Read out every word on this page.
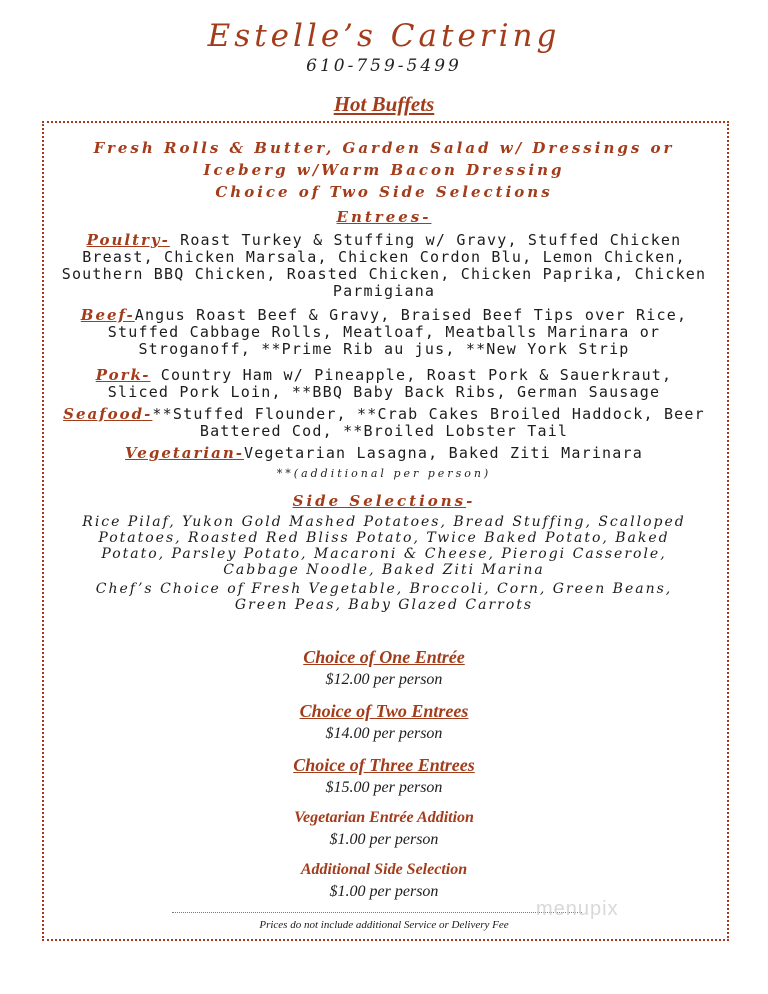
Estelle’s Catering
610-759-5499
Hot Buffets
Fresh Rolls & Butter, Garden Salad w/ Dressings or
Iceberg w/Warm Bacon Dressing
Choice of Two Side Selections
Entrees-
Poultry- Roast Turkey & Stuffing w/ Gravy, Stuffed Chicken Breast, Chicken Marsala, Chicken Cordon Blu, Lemon Chicken, Southern BBQ Chicken, Roasted Chicken, Chicken Paprika, Chicken Parmigiana
Beef-Angus Roast Beef & Gravy, Braised Beef Tips over Rice, Stuffed Cabbage Rolls, Meatloaf, Meatballs Marinara or Stroganoff, **Prime Rib au jus, **New York Strip
Pork- Country Ham w/ Pineapple, Roast Pork & Sauerkraut, Sliced Pork Loin, **BBQ Baby Back Ribs, German Sausage
Seafood-**Stuffed Flounder, **Crab Cakes Broiled Haddock, Beer Battered Cod, **Broiled Lobster Tail
Vegetarian-Vegetarian Lasagna, Baked Ziti Marinara
**(additional per person)
Side Selections-
Rice Pilaf, Yukon Gold Mashed Potatoes, Bread Stuffing, Scalloped Potatoes, Roasted Red Bliss Potato, Twice Baked Potato, Baked Potato, Parsley Potato, Macaroni & Cheese, Pierogi Casserole, Cabbage Noodle, Baked Ziti Marina
Chef’s Choice of Fresh Vegetable, Broccoli, Corn, Green Beans, Green Peas, Baby Glazed Carrots
Choice of One Entrée
$12.00 per person
Choice of Two Entrees
$14.00 per person
Choice of Three Entrees
$15.00 per person
Vegetarian Entrée Addition
$1.00 per person
Additional Side Selection
$1.00 per person
Prices do not include additional Service or Delivery Fee
menupix
